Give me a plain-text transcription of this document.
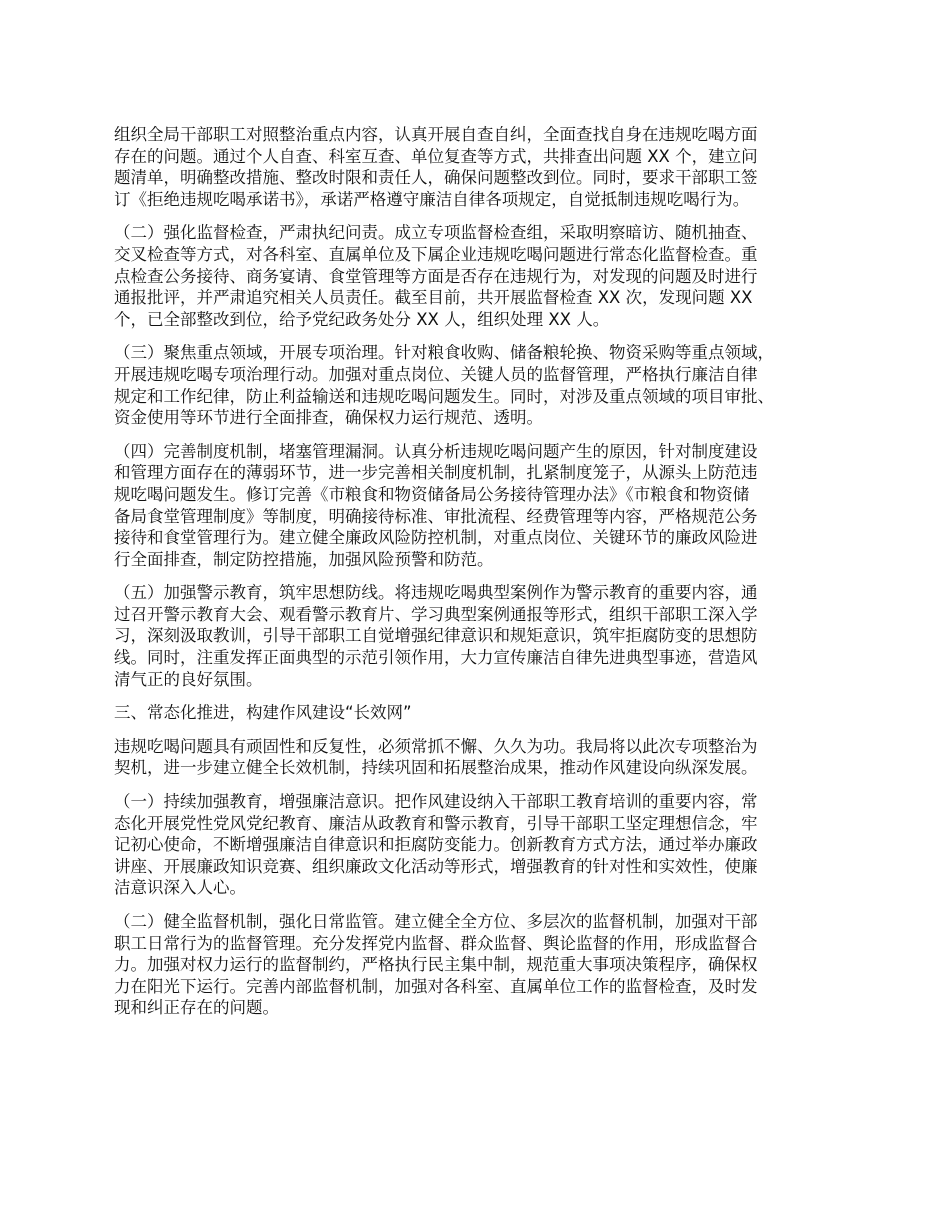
组织全局干部职工对照整治重点内容，认真开展自查自纠，全面查找自身在违规吃喝方面
存在的问题。通过个人自查、科室互查、单位复查等方式，共排查出问题 XX 个，建立问
题清单，明确整改措施、整改时限和责任人，确保问题整改到位。同时，要求干部职工签
订《拒绝违规吃喝承诺书》，承诺严格遵守廉洁自律各项规定，自觉抵制违规吃喝行为。

（二）强化监督检查，严肃执纪问责。成立专项监督检查组，采取明察暗访、随机抽查、
交叉检查等方式，对各科室、直属单位及下属企业违规吃喝问题进行常态化监督检查。重
点检查公务接待、商务宴请、食堂管理等方面是否存在违规行为，对发现的问题及时进行
通报批评，并严肃追究相关人员责任。截至目前，共开展监督检查 XX 次，发现问题 XX
个，已全部整改到位，给予党纪政务处分 XX 人，组织处理 XX 人。

（三）聚焦重点领域，开展专项治理。针对粮食收购、储备粮轮换、物资采购等重点领域，
开展违规吃喝专项治理行动。加强对重点岗位、关键人员的监督管理，严格执行廉洁自律
规定和工作纪律，防止利益输送和违规吃喝问题发生。同时，对涉及重点领域的项目审批、
资金使用等环节进行全面排查，确保权力运行规范、透明。

（四）完善制度机制，堵塞管理漏洞。认真分析违规吃喝问题产生的原因，针对制度建设
和管理方面存在的薄弱环节，进一步完善相关制度机制，扎紧制度笼子，从源头上防范违
规吃喝问题发生。修订完善《市粮食和物资储备局公务接待管理办法》《市粮食和物资储
备局食堂管理制度》等制度，明确接待标准、审批流程、经费管理等内容，严格规范公务
接待和食堂管理行为。建立健全廉政风险防控机制，对重点岗位、关键环节的廉政风险进
行全面排查，制定防控措施，加强风险预警和防范。

（五）加强警示教育，筑牢思想防线。将违规吃喝典型案例作为警示教育的重要内容，通
过召开警示教育大会、观看警示教育片、学习典型案例通报等形式，组织干部职工深入学
习，深刻汲取教训，引导干部职工自觉增强纪律意识和规矩意识，筑牢拒腐防变的思想防
线。同时，注重发挥正面典型的示范引领作用，大力宣传廉洁自律先进典型事迹，营造风
清气正的良好氛围。

三、常态化推进，构建作风建设“长效网”

违规吃喝问题具有顽固性和反复性，必须常抓不懈、久久为功。我局将以此次专项整治为
契机，进一步建立健全长效机制，持续巩固和拓展整治成果，推动作风建设向纵深发展。

（一）持续加强教育，增强廉洁意识。把作风建设纳入干部职工教育培训的重要内容，常
态化开展党性党风党纪教育、廉洁从政教育和警示教育，引导干部职工坚定理想信念，牢
记初心使命，不断增强廉洁自律意识和拒腐防变能力。创新教育方式方法，通过举办廉政
讲座、开展廉政知识竞赛、组织廉政文化活动等形式，增强教育的针对性和实效性，使廉
洁意识深入人心。

（二）健全监督机制，强化日常监管。建立健全全方位、多层次的监督机制，加强对干部
职工日常行为的监督管理。充分发挥党内监督、群众监督、舆论监督的作用，形成监督合
力。加强对权力运行的监督制约，严格执行民主集中制，规范重大事项决策程序，确保权
力在阳光下运行。完善内部监督机制，加强对各科室、直属单位工作的监督检查，及时发
现和纠正存在的问题。
